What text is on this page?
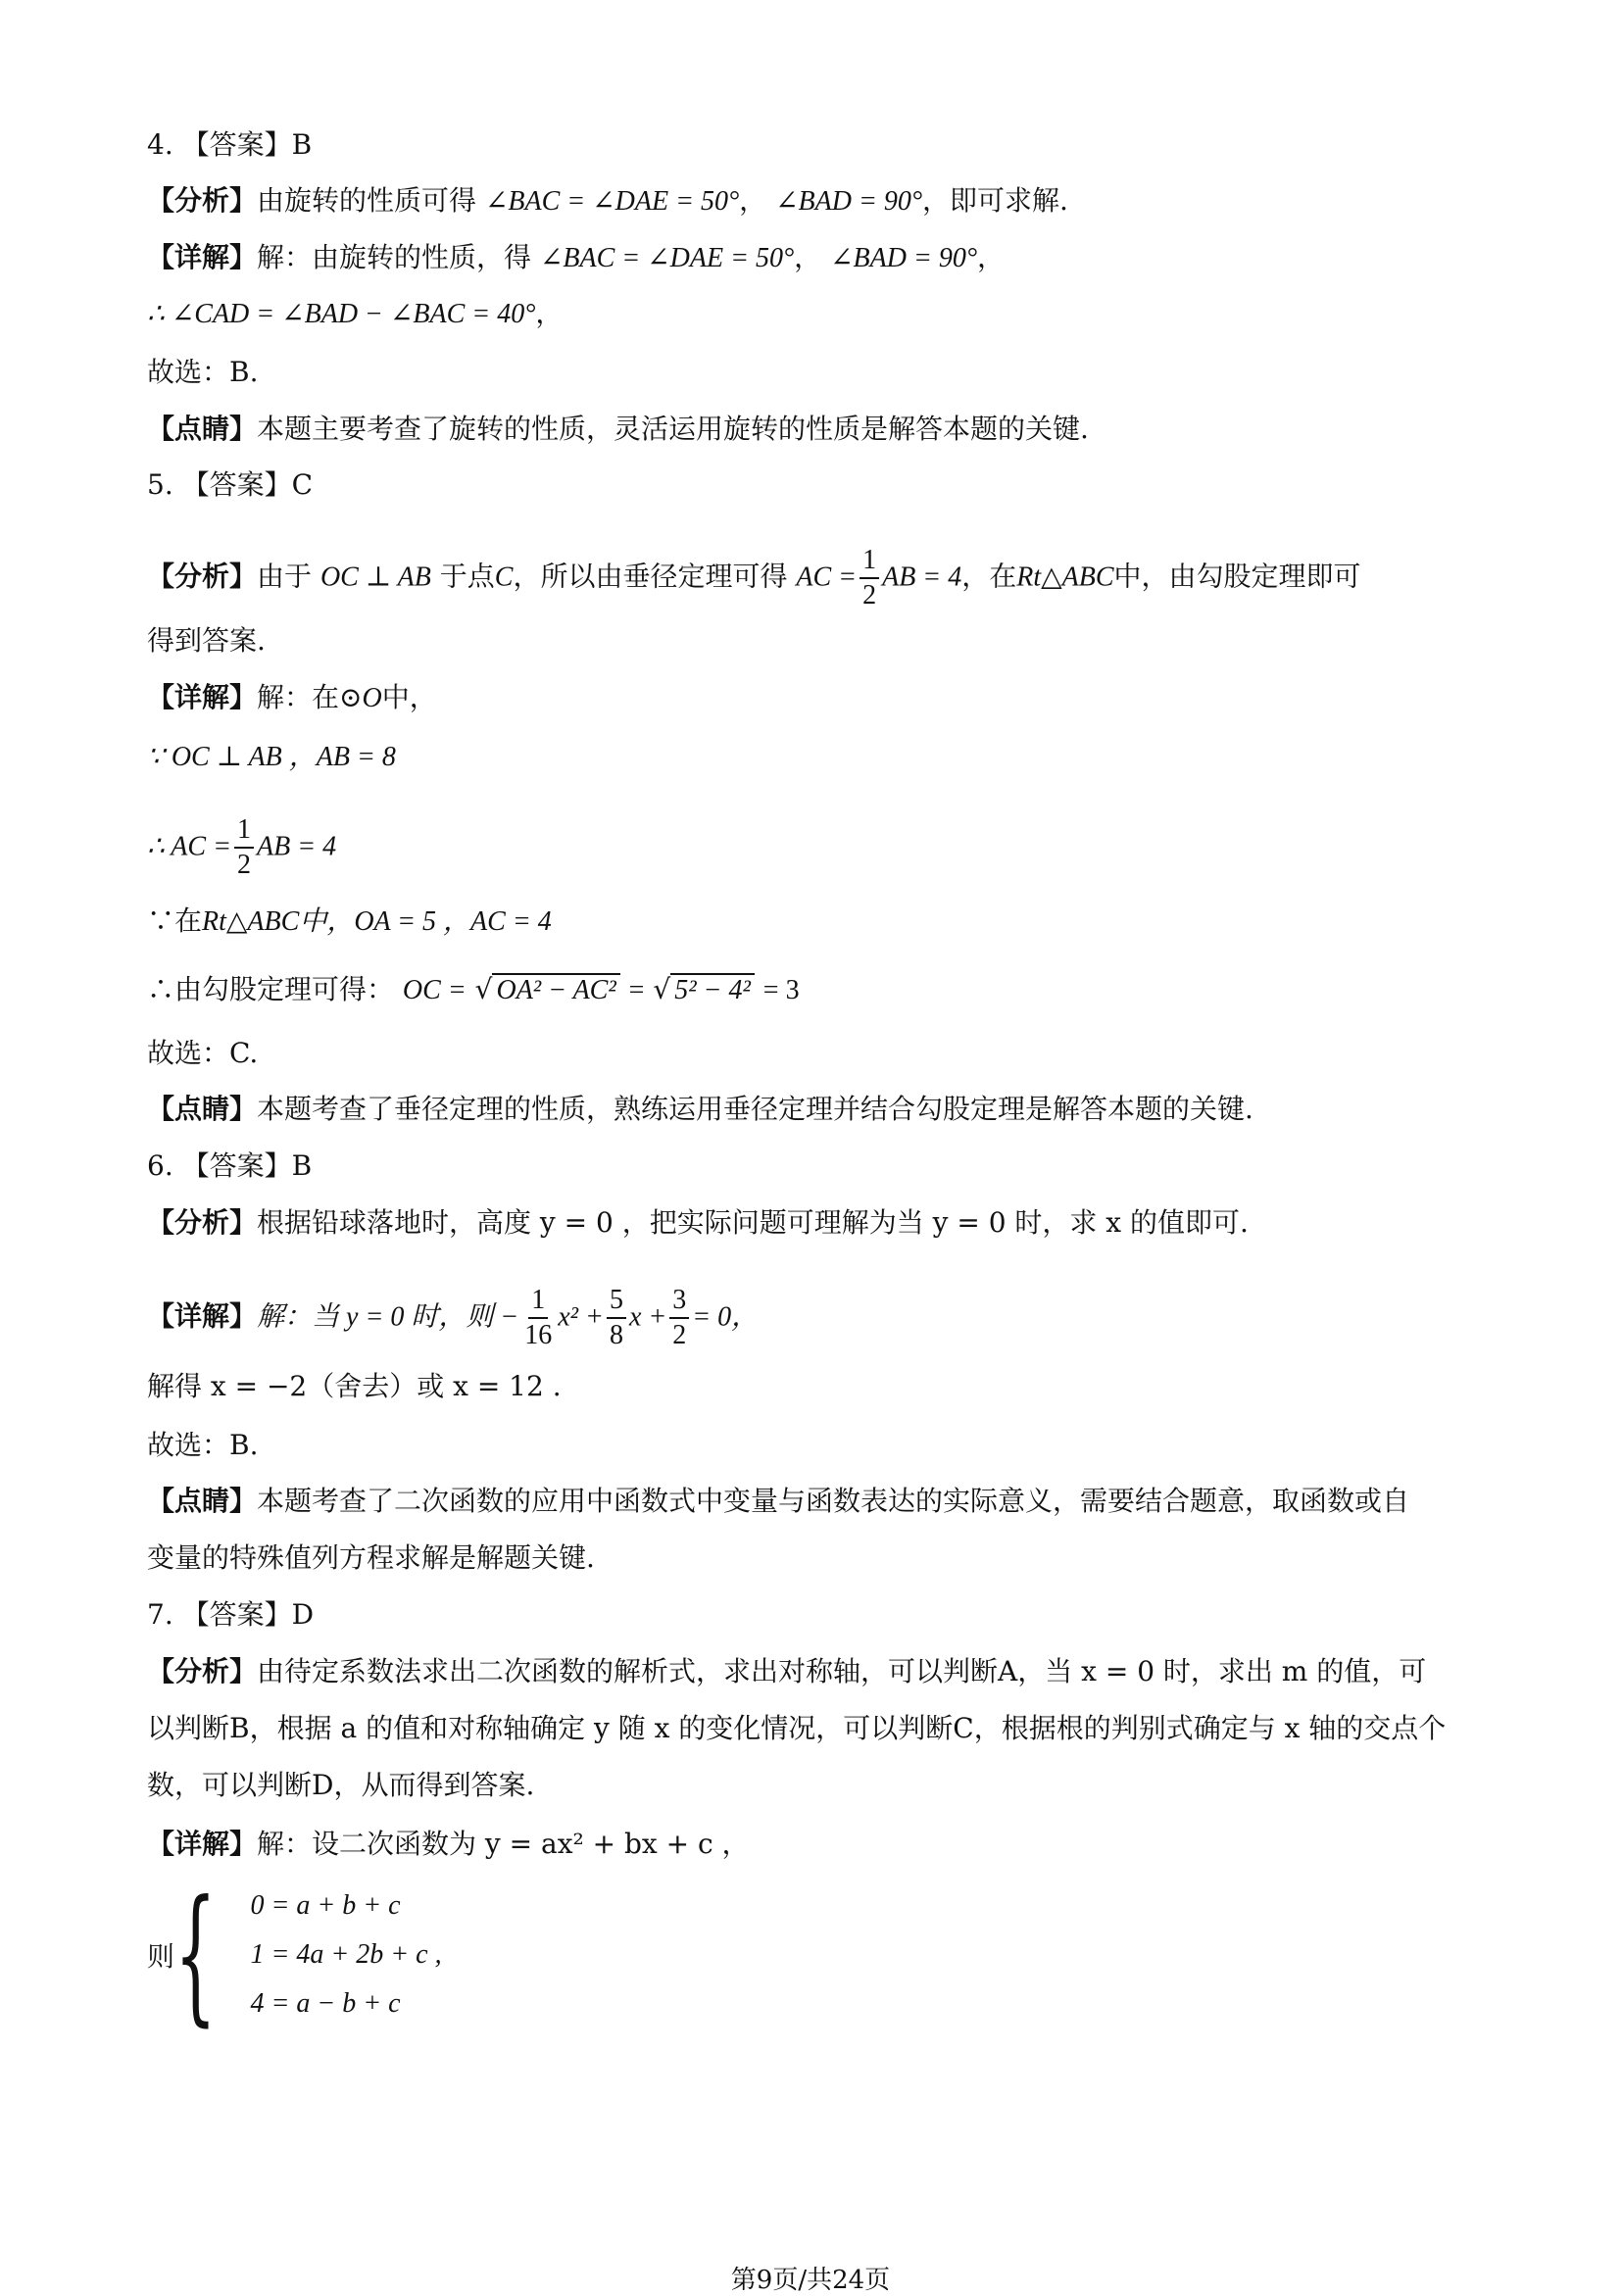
4. 【答案】B
【分析】由旋转的性质可得 ∠BAC = ∠DAE = 50°， ∠BAD = 90°，即可求解.
【详解】解：由旋转的性质，得 ∠BAC = ∠DAE = 50°， ∠BAD = 90°，
∴ ∠CAD = ∠BAD − ∠BAC = 40°，
故选：B.
【点睛】本题主要考查了旋转的性质，灵活运用旋转的性质是解答本题的关键.
5. 【答案】C
【分析】由于 OC ⊥ AB 于点C，所以由垂径定理可得 AC = $\frac{1}{2}$ AB = 4，在Rt△ABC中，由勾股定理即可
得到答案.
【详解】解：在⊙O中，
∵ OC ⊥ AB ，AB = 8
∴ AC = $\frac{1}{2}$ AB = 4
∵在Rt△ABC中，OA = 5 ，AC = 4
∴由勾股定理可得： OC = √ OA² − AC² = √ 5² − 4² = 3
故选：C.
【点睛】本题考查了垂径定理的性质，熟练运用垂径定理并结合勾股定理是解答本题的关键.
6. 【答案】B
【分析】根据铅球落地时，高度 y = 0 ，把实际问题可理解为当 y = 0 时，求 x 的值即可.
【详解】解：当 y = 0 时，则 − $\frac{1}{16} x^2 + \frac{5}{8}$ $x + \frac{3}{2} = 0$，
解得 x = −2（舍去）或 x = 12 .
故选：B.
【点睛】本题考查了二次函数的应用中函数式中变量与函数表达的实际意义，需要结合题意，取函数或自
变量的特殊值列方程求解是解题关键.
7. 【答案】D
【分析】由待定系数法求出二次函数的解析式，求出对称轴，可以判断A，当 x = 0 时，求出 m 的值，可
以判断B，根据 a 的值和对称轴确定 y 随 x 的变化情况，可以判断C，根据根的判别式确定与 x 轴的交点个
数，可以判断D，从而得到答案.
【详解】解：设二次函数为 y = ax² + bx + c ，
则 { 0 = a + b + c
1 = 4a + 2b + c ,
4 = a − b + c
第9页/共24页
